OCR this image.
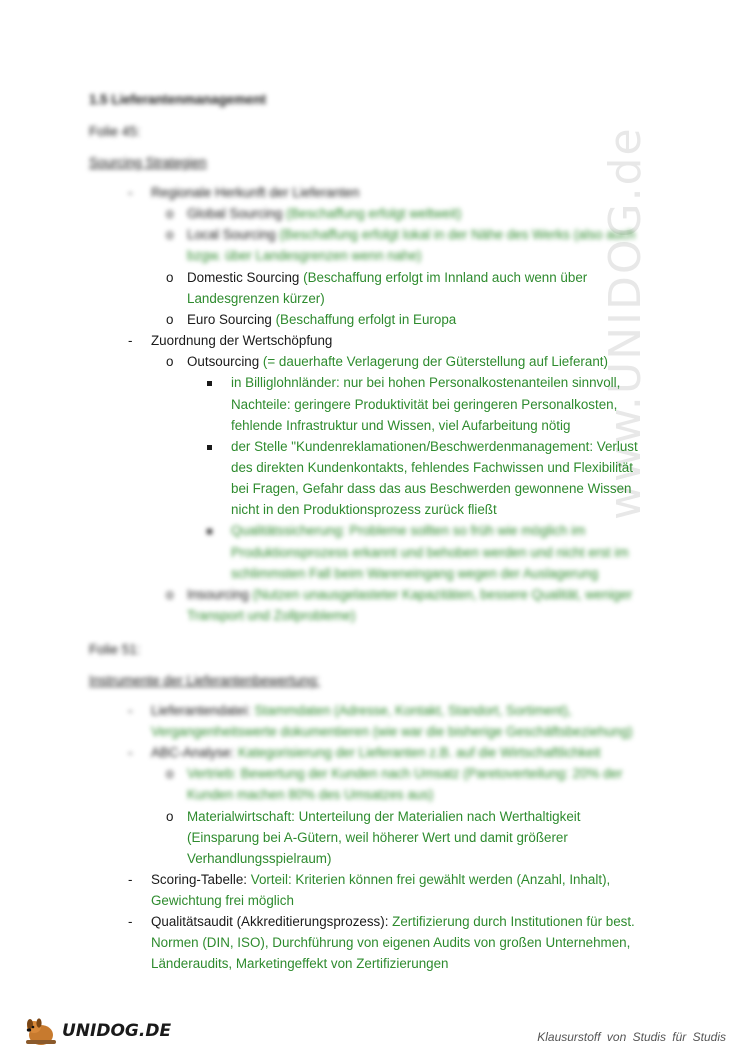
www.UNIDOG.de
1.5 Lieferantenmanagement
Folie 45:
Sourcing Strategien
- Regionale Herkunft der Lieferanten
o Global Sourcing (Beschaffung erfolgt weltweit)
o Local Sourcing (Beschaffung erfolgt lokal in der Nähe des Werks (also auch
bzgw. über Landesgrenzen wenn nahe)
o Domestic Sourcing (Beschaffung erfolgt im Innland auch wenn über
Landesgrenzen kürzer)
o Euro Sourcing (Beschaffung erfolgt in Europa
- Zuordnung der Wertschöpfung
o Outsourcing (= dauerhafte Verlagerung der Güterstellung auf Lieferant)
in Billiglohnländer: nur bei hohen Personalkostenanteilen sinnvoll,
Nachteile: geringere Produktivität bei geringeren Personalkosten,
fehlende Infrastruktur und Wissen, viel Aufarbeitung nötig
der Stelle "Kundenreklamationen/Beschwerdenmanagement: Verlust
des direkten Kundenkontakts, fehlendes Fachwissen und Flexibilität
bei Fragen, Gefahr dass das aus Beschwerden gewonnene Wissen
nicht in den Produktionsprozess zurück fließt
Qualitätssicherung: Probleme sollten so früh wie möglich im
Produktionsprozess erkannt und behoben werden und nicht erst im
schlimmsten Fall beim Wareneingang wegen der Auslagerung
o Insourcing (Nutzen unausgelasteter Kapazitäten, bessere Qualität, weniger
Transport und Zollprobleme)
Folie 51:
Instrumente der Lieferantenbewertung:
- Lieferantendatei: Stammdaten (Adresse, Kontakt, Standort, Sortiment),
Vergangenheitswerte dokumentieren (wie war die bisherige Geschäftsbeziehung)
- ABC-Analyse: Kategorisierung der Lieferanten z.B. auf die Wirtschaftlichkeit
o Vertrieb: Bewertung der Kunden nach Umsatz (Paretoverteilung: 20% der
Kunden machen 80% des Umsatzes aus)
o Materialwirtschaft: Unterteilung der Materialien nach Werthaltigkeit
(Einsparung bei A-Gütern, weil höherer Wert und damit größerer
Verhandlungsspielraum)
- Scoring-Tabelle: Vorteil: Kriterien können frei gewählt werden (Anzahl, Inhalt),
Gewichtung frei möglich
- Qualitätsaudit (Akkreditierungsprozess): Zertifizierung durch Institutionen für best.
Normen (DIN, ISO), Durchführung von eigenen Audits von großen Unternehmen,
Länderaudits, Marketingeffekt von Zertifizierungen
UNIDOG.DE	Klausurstoff von Studis für Studis
